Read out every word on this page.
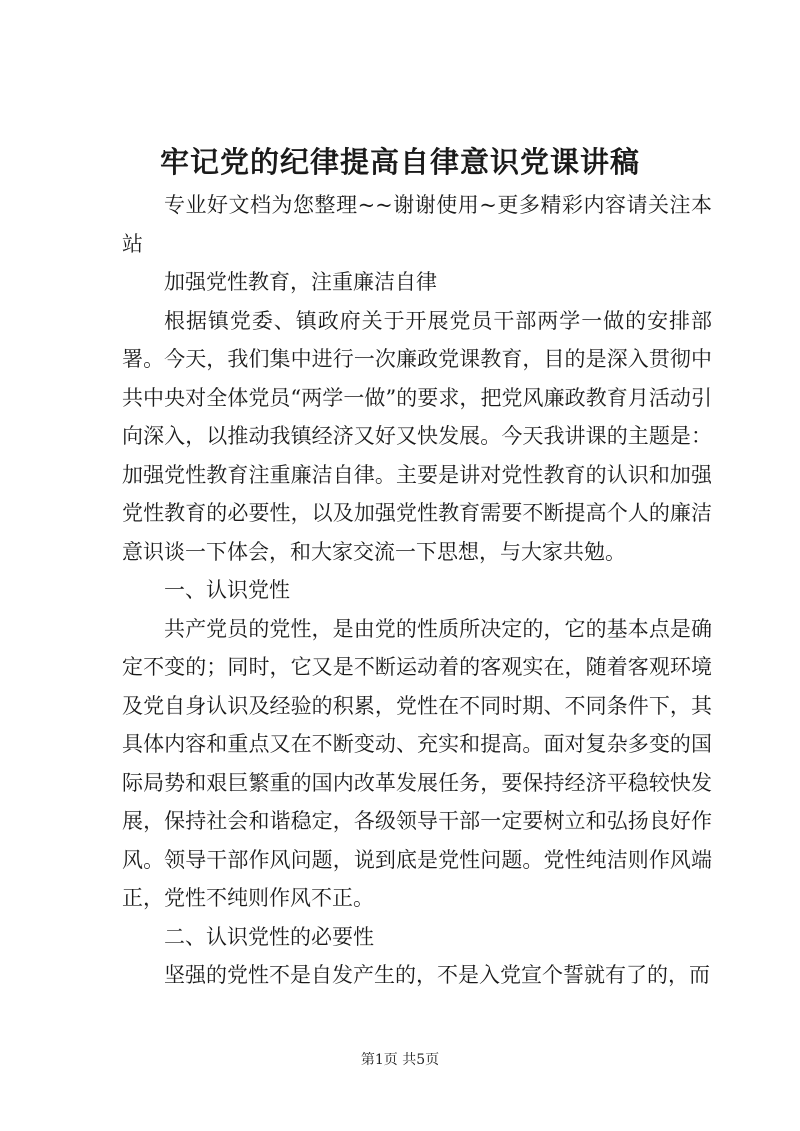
牢记党的纪律提高自律意识党课讲稿

专业好文档为您整理~~谢谢使用~更多精彩内容请关注本站

加强党性教育，注重廉洁自律

根据镇党委、镇政府关于开展党员干部两学一做的安排部署。今天，我们集中进行一次廉政党课教育，目的是深入贯彻中共中央对全体党员“两学一做”的要求，把党风廉政教育月活动引向深入，以推动我镇经济又好又快发展。今天我讲课的主题是：加强党性教育注重廉洁自律。主要是讲对党性教育的认识和加强党性教育的必要性，以及加强党性教育需要不断提高个人的廉洁意识谈一下体会，和大家交流一下思想，与大家共勉。

一、认识党性

共产党员的党性，是由党的性质所决定的，它的基本点是确定不变的；同时，它又是不断运动着的客观实在，随着客观环境及党自身认识及经验的积累，党性在不同时期、不同条件下，其具体内容和重点又在不断变动、充实和提高。面对复杂多变的国际局势和艰巨繁重的国内改革发展任务，要保持经济平稳较快发展，保持社会和谐稳定，各级领导干部一定要树立和弘扬良好作风。领导干部作风问题，说到底是党性问题。党性纯洁则作风端正，党性不纯则作风不正。

二、认识党性的必要性

坚强的党性不是自发产生的，不是入党宣个誓就有了的，而

第1页 共5页
